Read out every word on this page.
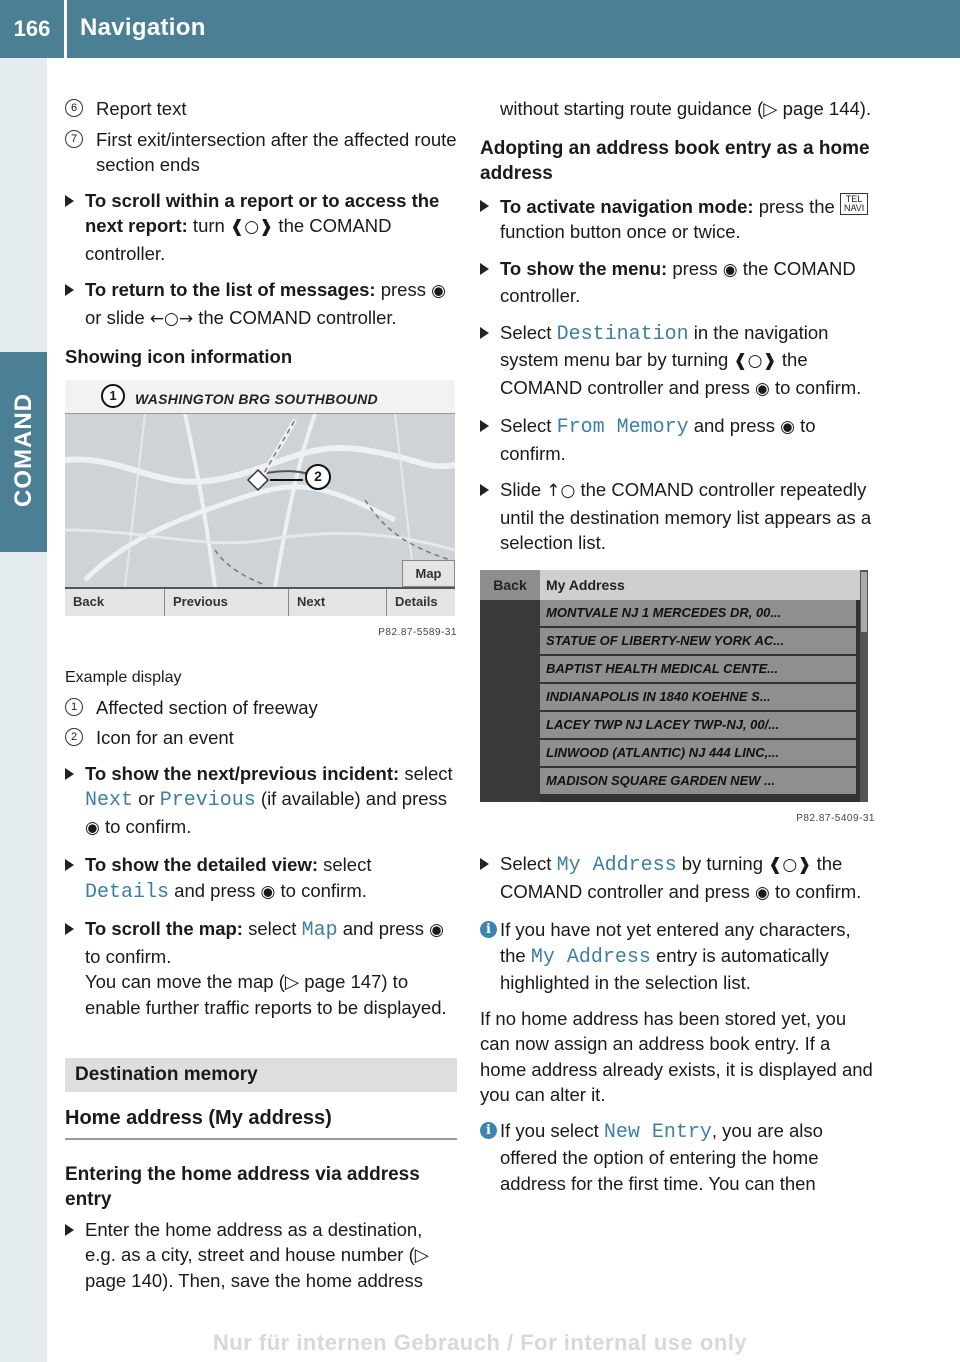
166	Navigation
COMAND
6	Report text
7	First exit/intersection after the affected route section ends
To scroll within a report or to access the next report: turn ❰○❱ the COMAND controller.
To return to the list of messages: press ◉ or slide ←○→ the COMAND controller.

Showing icon information

1	WASHINGTON BRG SOUTHBOUND
2
Map
Back	Previous	Next	Details
P82.87-5589-31

Example display

1	Affected section of freeway
2	Icon for an event
To show the next/previous incident: select Next or Previous (if available) and press ◉ to confirm.
To show the detailed view: select Details and press ◉ to confirm.
To scroll the map: select Map and press ◉ to confirm.

You can move the map (▷ page 147) to enable further traffic reports to be displayed.

Destination memory
Home address (My address)

Entering the home address via address entry

Enter the home address as a destination, e.g. as a city, street and house number (▷ page 140). Then, save the home address

without starting route guidance (▷ page 144).

Adopting an address book entry as a home address

To activate navigation mode: press the TEL
NAVI function button once or twice.
To show the menu: press ◉ the COMAND controller.
Select Destination in the navigation system menu bar by turning ❰○❱ the COMAND controller and press ◉ to confirm.
Select From Memory and press ◉ to confirm.
Slide ↑○ the COMAND controller repeatedly until the destination memory list appears as a selection list.
Back	My Address
MONTVALE NJ 1 MERCEDES DR, 00...
STATUE OF LIBERTY-NEW YORK AC...
BAPTIST HEALTH MEDICAL CENTE...
INDIANAPOLIS IN 1840 KOEHNE S...
LACEY TWP NJ LACEY TWP-NJ, 00/...
LINWOOD (ATLANTIC) NJ 444 LINC,...
MADISON SQUARE GARDEN NEW ...
P82.87-5409-31
Select My Address by turning ❰○❱ the COMAND controller and press ◉ to confirm.
i If you have not yet entered any characters, the My Address entry is automatically highlighted in the selection list.

If no home address has been stored yet, you can now assign an address book entry. If a home address already exists, it is displayed and you can alter it.

i If you select New Entry, you are also offered the option of entering the home address for the first time. You can then
Nur für internen Gebrauch / For internal use only
